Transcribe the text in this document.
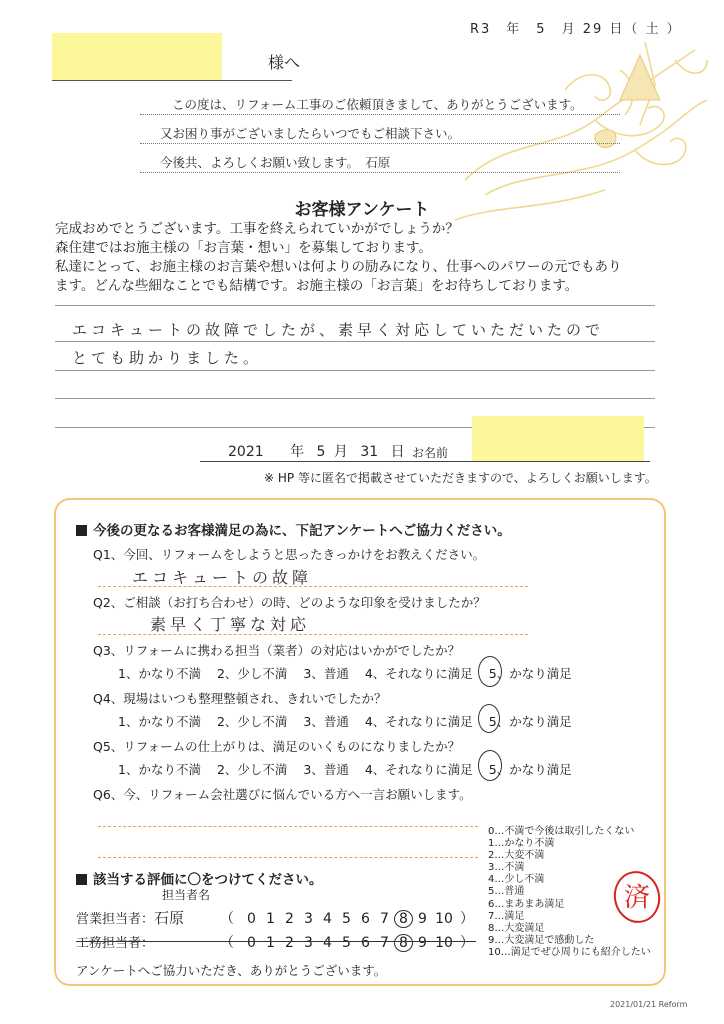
R3　年　5　月 29 日（ 土 ）
様へ
この度は、リフォーム工事のご依頼頂きまして、ありがとうございます。
又お困り事がございましたらいつでもご相談下さい。
今後共、よろしくお願い致します。　石原
お客様アンケート
完成おめでとうございます。工事を終えられていかがでしょうか？
森住建ではお施主様の「お言葉・想い」を募集しております。
私達にとって、お施主様のお言葉や想いは何よりの励みになり、仕事へのパワーの元でもあり
ます。どんな些細なことでも結構です。お施主様の「お言葉」をお待ちしております。
エコキュートの故障でしたが、素早く対応していただいたので
とても助かりました。
2021 年 5 月 31 日 お名前
※ HP 等に匿名で掲載させていただきますので、よろしくお願いします。
今後の更なるお客様満足の為に、下記アンケートへご協力ください。
Q1、今回、リフォームをしようと思ったきっかけをお教えください。
エコキュートの故障
Q2、ご相談（お打ち合わせ）の時、どのような印象を受けましたか？
素早く丁寧な対応
Q3、リフォームに携わる担当（業者）の対応はいかがでしたか？
1、かなり不満 2、少し不満 3、普通 4、それなりに満足 5、かなり満足
Q4、現場はいつも整理整頓され、きれいでしたか？
1、かなり不満 2、少し不満 3、普通 4、それなりに満足 5、かなり満足
Q5、リフォームの仕上がりは、満足のいくものになりましたか？
1、かなり不満 2、少し不満 3、普通 4、それなりに満足 5、かなり満足
Q6、今、リフォーム会社選びに悩んでいる方へ一言お願いします。
0…不満で今後は取引したくない
1…かなり不満
2…大変不満
3…不満
4…少し不満
5…普通
6…まあまあ満足
7…満足
8…大変満足
9…大変満足で感動した
10…満足でぜひ周りにも紹介したい
該当する評価に〇をつけてください。
担当者名
営業担当者：石原	（ 0 1 2 3 4 5 6 7 8 9 10 ）
工務担当者：	（ 0 1 2 3 4 5 6 7 8 9 10 ）
アンケートへご協力いただき、ありがとうございます。
済
2021/01/21 Reform
